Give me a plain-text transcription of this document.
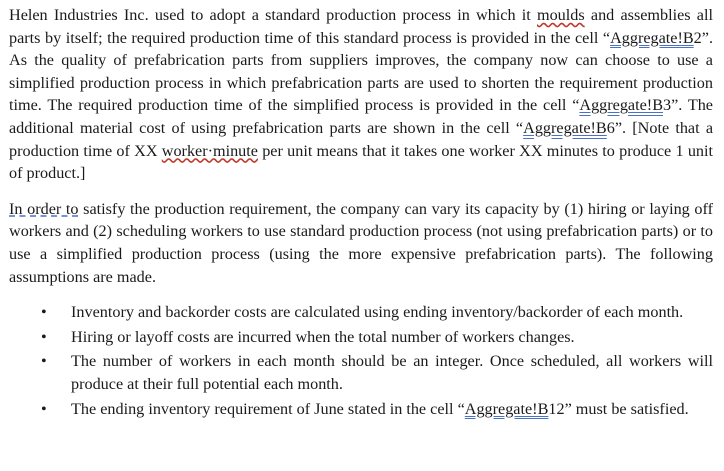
Helen Industries Inc. used to adopt a standard production process in which it moulds and assemblies all parts by itself; the required production time of this standard process is provided in the cell “Aggregate!B2”. As the quality of prefabrication parts from suppliers improves, the company now can choose to use a simplified production process in which prefabrication parts are used to shorten the requirement production time. The required production time of the simplified process is provided in the cell “Aggregate!B3”. The additional material cost of using prefabrication parts are shown in the cell “Aggregate!B6”. [Note that a production time of XX worker·minute per unit means that it takes one worker XX minutes to produce 1 unit of product.]

In order to satisfy the production requirement, the company can vary its capacity by (1) hiring or laying off workers and (2) scheduling workers to use standard production process (not using prefabrication parts) or to use a simplified production process (using the more expensive prefabrication parts). The following assumptions are made.

•	Inventory and backorder costs are calculated using ending inventory/backorder of each month.
•	Hiring or layoff costs are incurred when the total number of workers changes.
•	The number of workers in each month should be an integer. Once scheduled, all workers will produce at their full potential each month.
•	The ending inventory requirement of June stated in the cell “Aggregate!B12” must be satisfied.
